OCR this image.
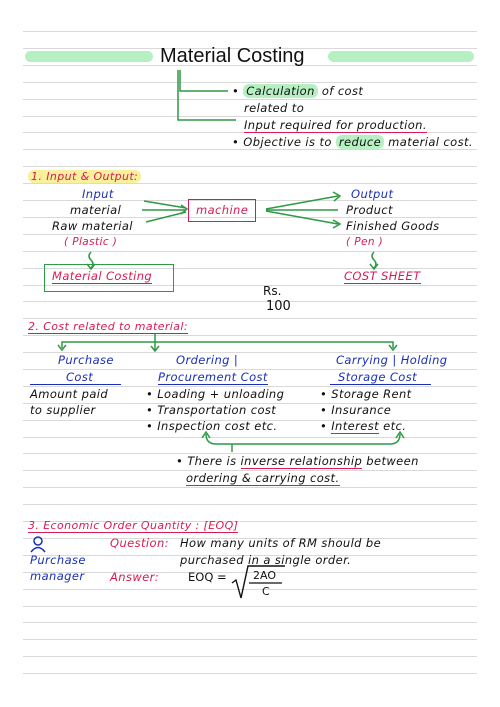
Material Costing
• Calculation of cost
related to
Input required for production.
• Objective is to reduce material cost.
1. Input & Output:
Input
material
Raw material
( Plastic )
machine
Output
Product
Finished Goods
( Pen )
Material Costing	COST SHEET
Rs.
100
2. Cost related to material:
Purchase
Cost
Amount paid
to supplier
Ordering |
Procurement Cost
• Loading + unloading
• Transportation cost
• Inspection cost etc.
Carrying | Holding
Storage Cost
• Storage Rent
• Insurance
• Interest etc.
• There is inverse relationship between
ordering & carrying cost.
3. Economic Order Quantity : [EOQ]
Purchase
manager
Question: How many units of RM should be
purchased in a single order.
Answer:	EOQ = 2AO
C
